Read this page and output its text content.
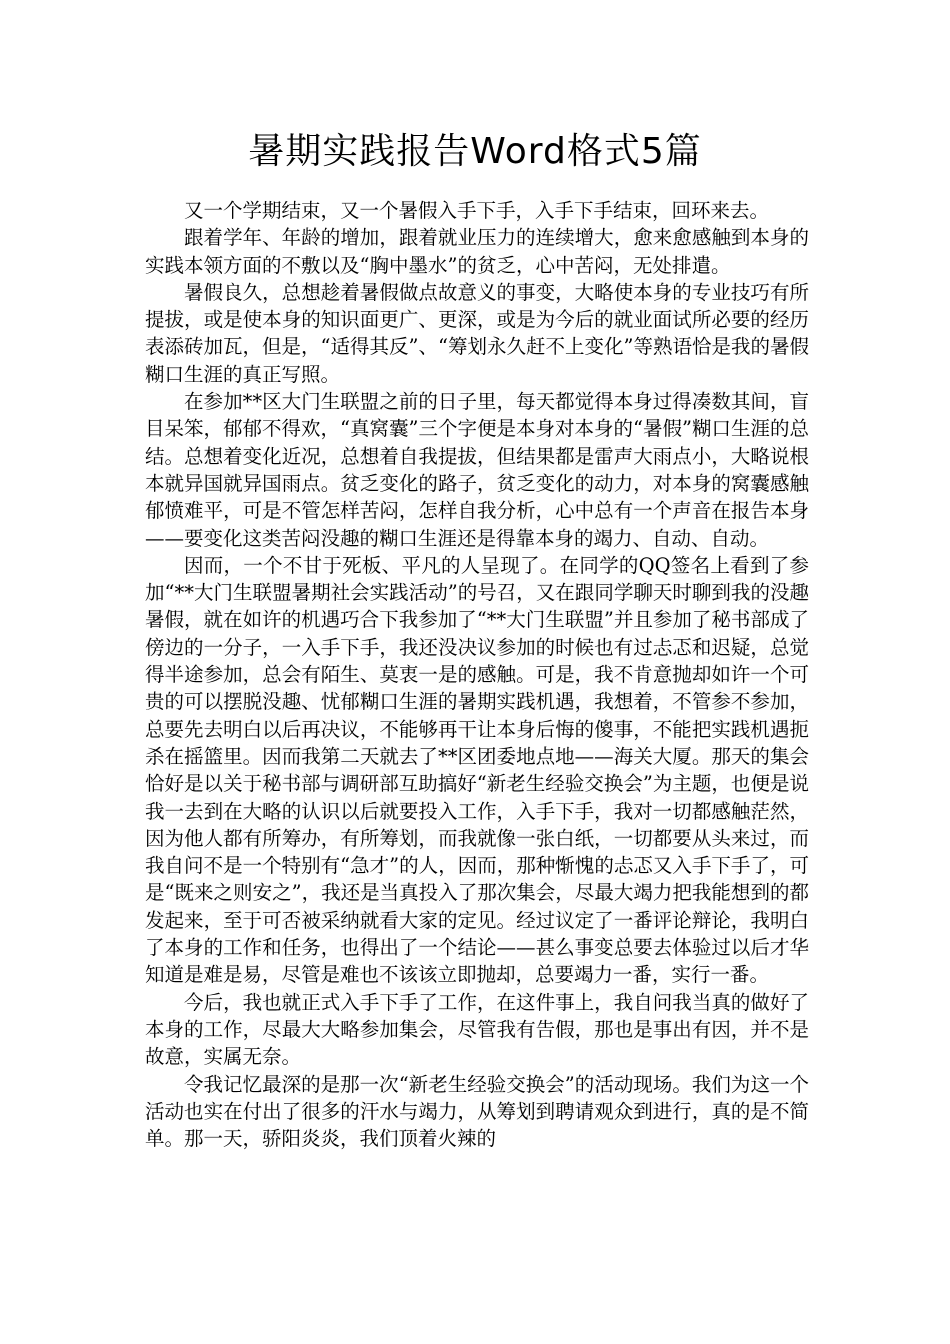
暑期实践报告Word格式5篇

又一个学期结束，又一个暑假入手下手，入手下手结束，回环来去。

跟着学年、年龄的增加，跟着就业压力的连续增大，愈来愈感触到本身的实践本领方面的不敷以及“胸中墨水”的贫乏，心中苦闷，无处排遣。

暑假良久，总想趁着暑假做点故意义的事变，大略使本身的专业技巧有所提拔，或是使本身的知识面更广、更深，或是为今后的就业面试所必要的经历表添砖加瓦，但是，“适得其反”、“筹划永久赶不上变化”等熟语恰是我的暑假糊口生涯的真正写照。

在参加**区大门生联盟之前的日子里，每天都觉得本身过得凑数其间，盲目呆笨，郁郁不得欢，“真窝囊”三个字便是本身对本身的“暑假”糊口生涯的总结。总想着变化近况，总想着自我提拔，但结果都是雷声大雨点小，大略说根本就异国就异国雨点。贫乏变化的路子，贫乏变化的动力，对本身的窝囊感触郁愤难平，可是不管怎样苦闷，怎样自我分析，心中总有一个声音在报告本身——要变化这类苦闷没趣的糊口生涯还是得靠本身的竭力、自动、自动。

因而，一个不甘于死板、平凡的人呈现了。在同学的QQ签名上看到了参加“**大门生联盟暑期社会实践活动”的号召，又在跟同学聊天时聊到我的没趣暑假，就在如许的机遇巧合下我参加了“**大门生联盟”并且参加了秘书部成了傍边的一分子，一入手下手，我还没决议参加的时候也有过忐忑和迟疑，总觉得半途参加，总会有陌生、莫衷一是的感触。可是，我不肯意抛却如许一个可贵的可以摆脱没趣、忧郁糊口生涯的暑期实践机遇，我想着，不管参不参加，总要先去明白以后再决议，不能够再干让本身后悔的傻事，不能把实践机遇扼杀在摇篮里。因而我第二天就去了**区团委地点地——海关大厦。那天的集会恰好是以关于秘书部与调研部互助搞好“新老生经验交换会”为主题，也便是说我一去到在大略的认识以后就要投入工作，入手下手，我对一切都感触茫然，因为他人都有所筹办，有所筹划，而我就像一张白纸，一切都要从头来过，而我自问不是一个特别有“急才”的人，因而，那种惭愧的忐忑又入手下手了，可是“既来之则安之”，我还是当真投入了那次集会，尽最大竭力把我能想到的都发起来，至于可否被采纳就看大家的定见。经过议定了一番评论辩论，我明白了本身的工作和任务，也得出了一个结论——甚么事变总要去体验过以后才华知道是难是易，尽管是难也不该该立即抛却，总要竭力一番，实行一番。

今后，我也就正式入手下手了工作，在这件事上，我自问我当真的做好了本身的工作，尽最大大略参加集会，尽管我有告假，那也是事出有因，并不是故意，实属无奈。

令我记忆最深的是那一次“新老生经验交换会”的活动现场。我们为这一个活动也实在付出了很多的汗水与竭力，从筹划到聘请观众到进行，真的是不简单。那一天，骄阳炎炎，我们顶着火辣的
